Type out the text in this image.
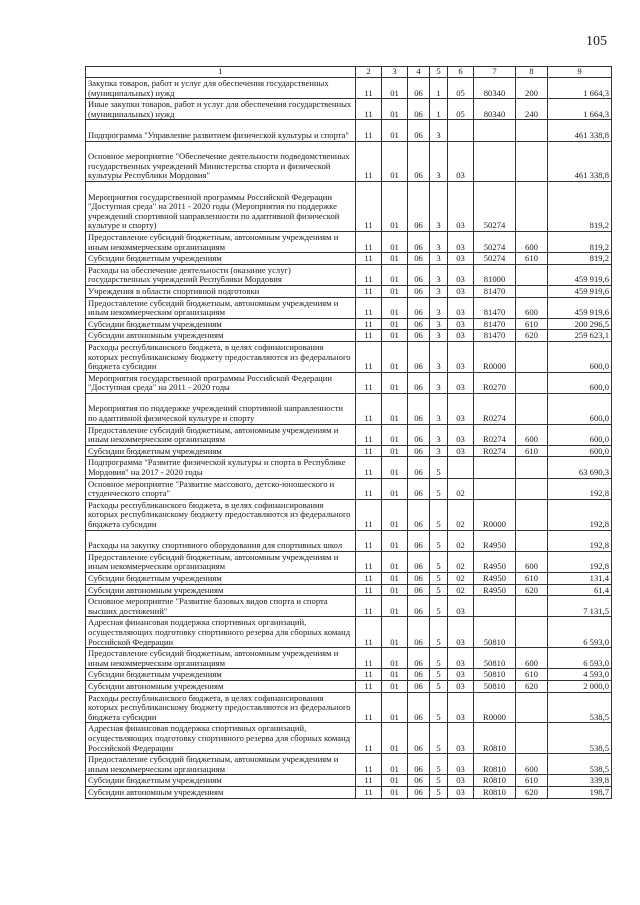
105
1	2	3	4	5	6	7	8	9
Закупка товаров, работ и услуг для обеспечения государственных (муниципальных) нужд	11	01	06	1	05	80340	200	1 664,3
Иные закупки товаров, работ и услуг для обеспечения государственных (муниципальных) нужд	11	01	06	1	05	80340	240	1 664,3
Подпрограмма "Управление развитием физической культуры и спорта"	11	01	06	3				461 338,8
Основное мероприятие "Обеспечение деятельности подведомственных государственных учреждений Министерства спорта и физической культуры Республики Мордовия"	11	01	06	3	03			461 338,8
Мероприятия государственной программы Российской Федерации "Доступная среда" на 2011 - 2020 годы (Мероприятия по поддержке учреждений спортивной направленности по адаптивной физической культуре и спорту)	11	01	06	3	03	50274		819,2
Предоставление субсидий бюджетным, автономным учреждениям и иным некоммерческим организациям	11	01	06	3	03	50274	600	819,2
Субсидии бюджетным учреждениям	11	01	06	3	03	50274	610	819,2
Расходы на обеспечение деятельности (оказание услуг) государственных учреждений Республики Мордовия	11	01	06	3	03	81000		459 919,6
Учреждения в области спортивной подготовки	11	01	06	3	03	81470		459 919,6
Предоставление субсидий бюджетным, автономным учреждениям и иным некоммерческим организациям	11	01	06	3	03	81470	600	459 919,6
Субсидии бюджетным учреждениям	11	01	06	3	03	81470	610	200 296,5
Субсидии автономным учреждениям	11	01	06	3	03	81470	620	259 623,1
Расходы республиканского бюджета, в целях софинансирования которых республиканскому бюджету предоставляются из федерального бюджета субсидии	11	01	06	3	03	R0000		600,0
Мероприятия государственной программы Российской Федерации "Доступная среда" на 2011 - 2020 годы	11	01	06	3	03	R0270		600,0
Мероприятия по поддержке учреждений спортивной направленности по адаптивной физической культуре и спорту	11	01	06	3	03	R0274		600,0
Предоставление субсидий бюджетным, автономным учреждениям и иным некоммерческим организациям	11	01	06	3	03	R0274	600	600,0
Субсидии бюджетным учреждениям	11	01	06	3	03	R0274	610	600,0
Подпрограмма "Развитие физической культуры и спорта в Республике Мордовия" на 2017 - 2020 годы	11	01	06	5				63 690,3
Основное мероприятие "Развитие массового, детско-юношеского и студенческого спорта"	11	01	06	5	02			192,8
Расходы республиканского бюджета, в целях софинансирования которых республиканскому бюджету предоставляются из федерального бюджета субсидии	11	01	06	5	02	R0000		192,8
Расходы на закупку спортивного оборудования для спортивных школ	11	01	06	5	02	R4950		192,8
Предоставление субсидий бюджетным, автономным учреждениям и иным некоммерческим организациям	11	01	06	5	02	R4950	600	192,8
Субсидии бюджетным учреждениям	11	01	06	5	02	R4950	610	131,4
Субсидии автономным учреждениям	11	01	06	5	02	R4950	620	61,4
Основное мероприятие "Развитие базовых видов спорта и спорта высших достижений"	11	01	06	5	03			7 131,5
Адресная финансовая поддержка спортивных организаций, осуществляющих подготовку спортивного резерва для сборных команд Российской Федерации	11	01	06	5	03	50810		6 593,0
Предоставление субсидий бюджетным, автономным учреждениям и иным некоммерческим организациям	11	01	06	5	03	50810	600	6 593,0
Субсидии бюджетным учреждениям	11	01	06	5	03	50810	610	4 593,0
Субсидии автономным учреждениям	11	01	06	5	03	50810	620	2 000,0
Расходы республиканского бюджета, в целях софинансирования которых республиканскому бюджету предоставляются из федерального бюджета субсидии	11	01	06	5	03	R0000		538,5
Адресная финансовая поддержка спортивных организаций, осуществляющих подготовку спортивного резерва для сборных команд Российской Федерации	11	01	06	5	03	R0810		538,5
Предоставление субсидий бюджетным, автономным учреждениям и иным некоммерческим организациям	11	01	06	5	03	R0810	600	538,5
Субсидии бюджетным учреждениям	11	01	06	5	03	R0810	610	339,8
Субсидии автономным учреждениям	11	01	06	5	03	R0810	620	198,7
